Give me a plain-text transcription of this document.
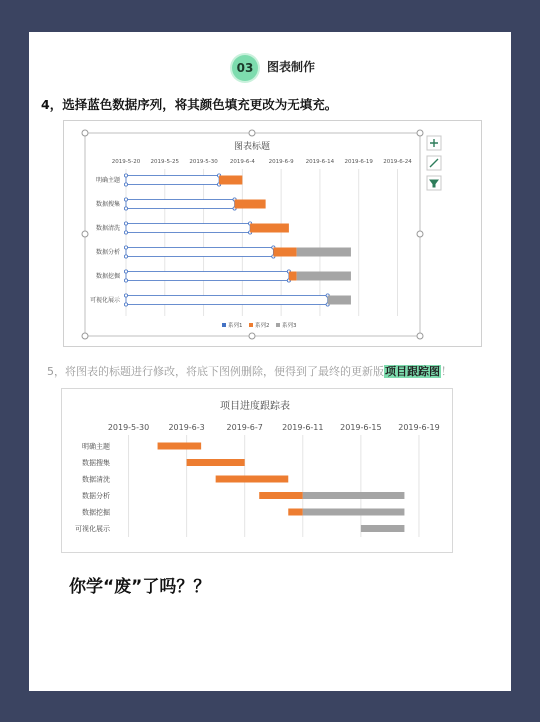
03	图表制作
4，选择蓝色数据序列，将其颜色填充更改为无填充。
2019-5-20 2019-5-25 2019-5-30 2019-6-4	2019-6-9 2019-6-14 2019-6-19 2019-6-24
图表标题
明确主题
数据搜集
数据清洗
数据分析
数据挖掘
可视化展示
系列1 系列2 系列3
5，将图表的标题进行修改，将底下图例删除，便得到了最终的更新版项目跟踪图！
2019-5-30 2019-6-3	2019-6-7 2019-6-11 2019-6-15 2019-6-19
项目进度跟踪表
明确主题
数据搜集
数据清洗
数据分析
数据挖掘
可视化展示
你学“废”了吗？？
